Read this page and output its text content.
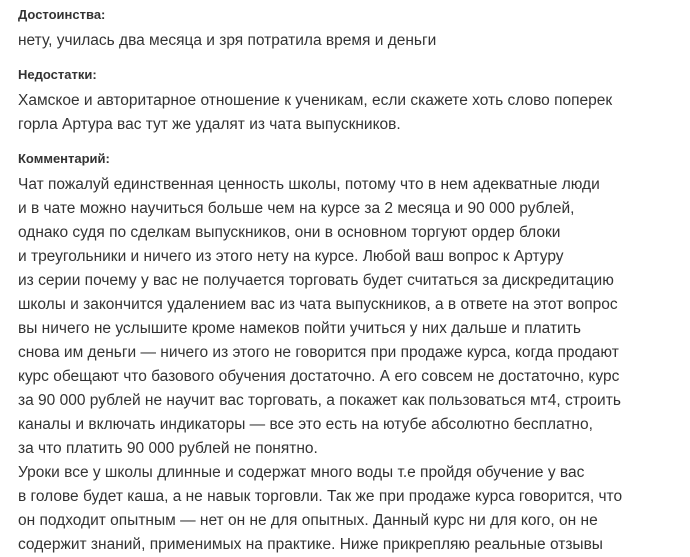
Достоинства:
нету, училась два месяца и зря потратила время и деньги
Недостатки:
Хамское и авторитарное отношение к ученикам, если скажете хоть слово поперек
горла Артура вас тут же удалят из чата выпускников.
Комментарий:
Чат пожалуй единственная ценность школы, потому что в нем адекватные люди
и в чате можно научиться больше чем на курсе за 2 месяца и 90 000 рублей,
однако судя по сделкам выпускников, они в основном торгуют ордер блоки
и треугольники и ничего из этого нету на курсе. Любой ваш вопрос к Артуру
из серии почему у вас не получается торговать будет считаться за дискредитацию
школы и закончится удалением вас из чата выпускников, а в ответе на этот вопрос
вы ничего не услышите кроме намеков пойти учиться у них дальше и платить
снова им деньги — ничего из этого не говорится при продаже курса, когда продают
курс обещают что базового обучения достаточно. А его совсем не достаточно, курс
за 90 000 рублей не научит вас торговать, а покажет как пользоваться мт4, строить
каналы и включать индикаторы — все это есть на ютубе абсолютно бесплатно,
за что платить 90 000 рублей не понятно.
Уроки все у школы длинные и содержат много воды т.е пройдя обучение у вас
в голове будет каша, а не навык торговли. Так же при продаже курса говорится, что
он подходит опытным — нет он не для опытных. Данный курс ни для кого, он не
содержит знаний, применимых на практике. Ниже прикрепляю реальные отзывы
